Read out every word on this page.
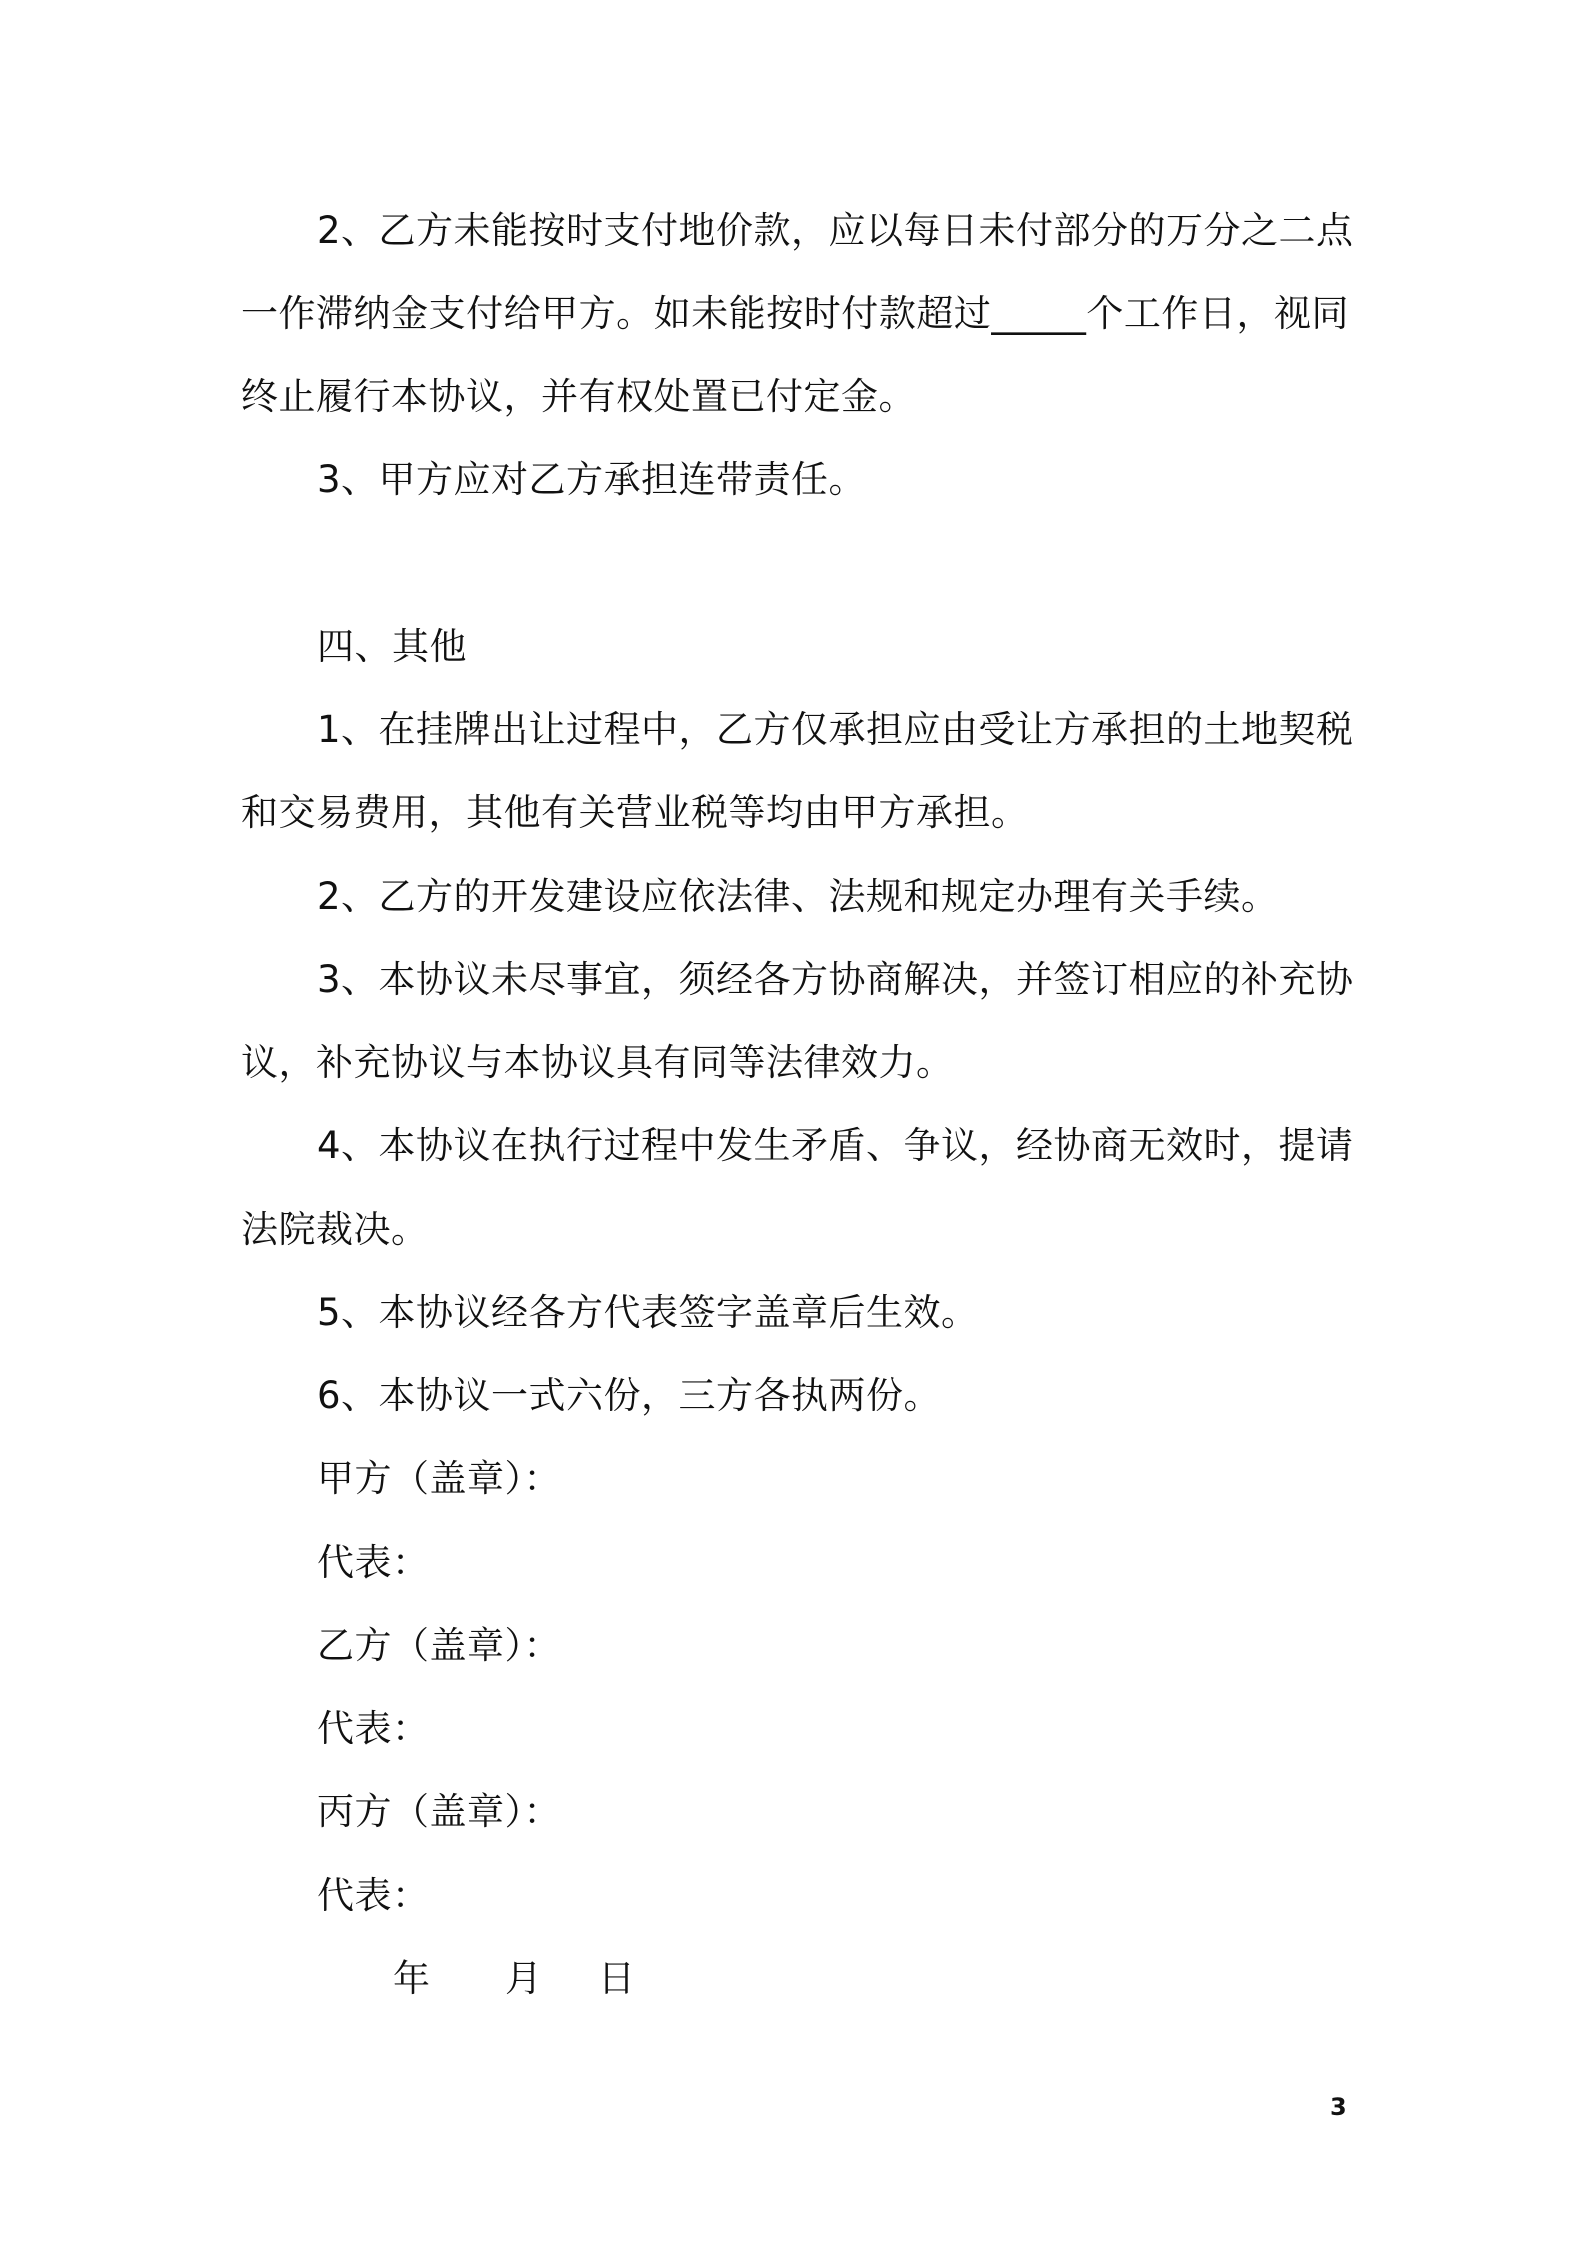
2、乙方未能按时支付地价款，应以每日未付部分的万分之二点
一作滞纳金支付给甲方。如未能按时付款超过_____个工作日，视同
终止履行本协议，并有权处置已付定金。
3、甲方应对乙方承担连带责任。
四、其他
1、在挂牌出让过程中，乙方仅承担应由受让方承担的土地契税
和交易费用，其他有关营业税等均由甲方承担。
2、乙方的开发建设应依法律、法规和规定办理有关手续。
3、本协议未尽事宜，须经各方协商解决，并签订相应的补充协
议，补充协议与本协议具有同等法律效力。
4、本协议在执行过程中发生矛盾、争议，经协商无效时，提请
法院裁决。
5、本协议经各方代表签字盖章后生效。
6、本协议一式六份，三方各执两份。
甲方（盖章）：
代表：
乙方（盖章）：
代表：
丙方（盖章）：
代表：
年 月 日
3
